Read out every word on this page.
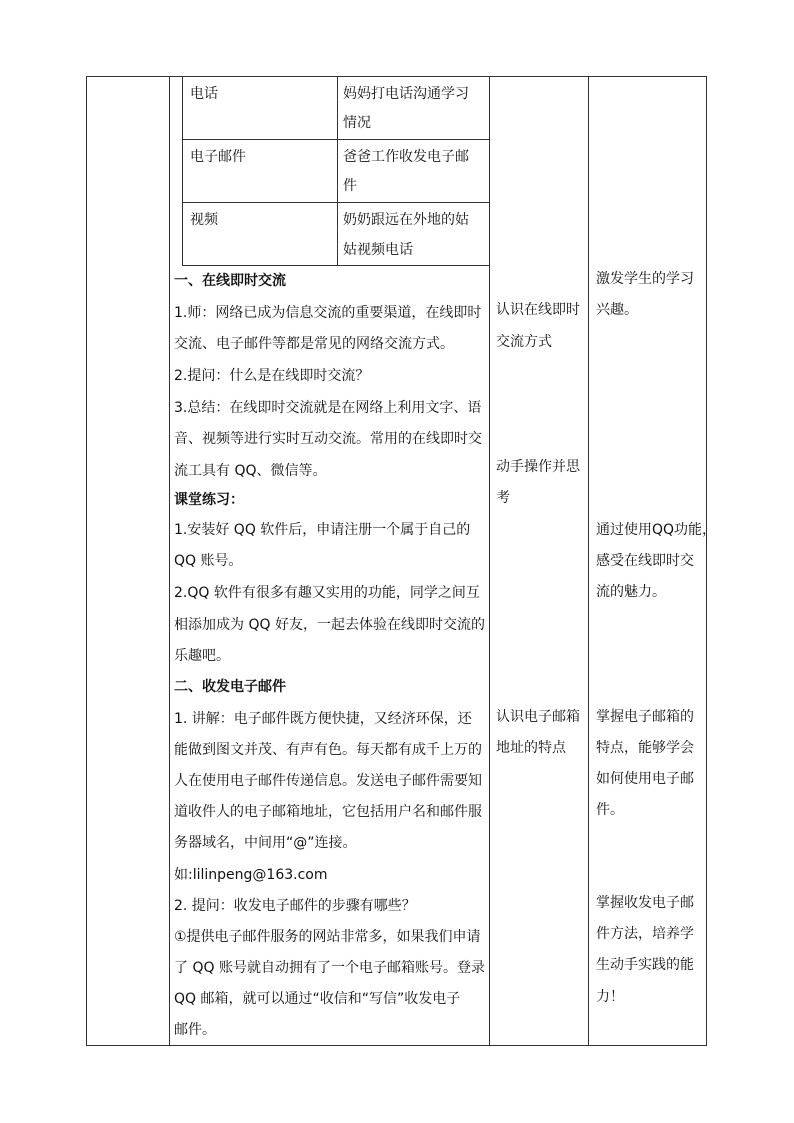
电话	妈妈打电话沟通学习
情况
电子邮件	爸爸工作收发电子邮
件
视频	奶奶跟远在外地的姑
姑视频电话
一、在线即时交流
1.师：网络已成为信息交流的重要渠道，在线即时
交流、电子邮件等都是常见的网络交流方式。
2.提问：什么是在线即时交流？
3.总结：在线即时交流就是在网络上利用文字、语
音、视频等进行实时互动交流。常用的在线即时交
流工具有 QQ、微信等。
课堂练习：
1.安装好 QQ 软件后，申请注册一个属于自己的
QQ 账号。
2.QQ 软件有很多有趣又实用的功能，同学之间互
相添加成为 QQ 好友，一起去体验在线即时交流的
乐趣吧。
二、收发电子邮件
1. 讲解：电子邮件既方便快捷，又经济环保，还
能做到图文并茂、有声有色。每天都有成千上万的
人在使用电子邮件传递信息。发送电子邮件需要知
道收件人的电子邮箱地址，它包括用户名和邮件服
务器域名，中间用“@”连接。
如:lilinpeng@163.com
2. 提问：收发电子邮件的步骤有哪些？
①提供电子邮件服务的网站非常多，如果我们申请
了 QQ 账号就自动拥有了一个电子邮箱账号。登录
QQ 邮箱，就可以通过“收信和“写信”收发电子
邮件。
认识在线即时
交流方式
动手操作并思
考
认识电子邮箱
地址的特点
激发学生的学习
兴趣。
通过使用QQ功能，
感受在线即时交
流的魅力。
掌握电子邮箱的
特点，能够学会
如何使用电子邮
件。
掌握收发电子邮
件方法，培养学
生动手实践的能
力！
